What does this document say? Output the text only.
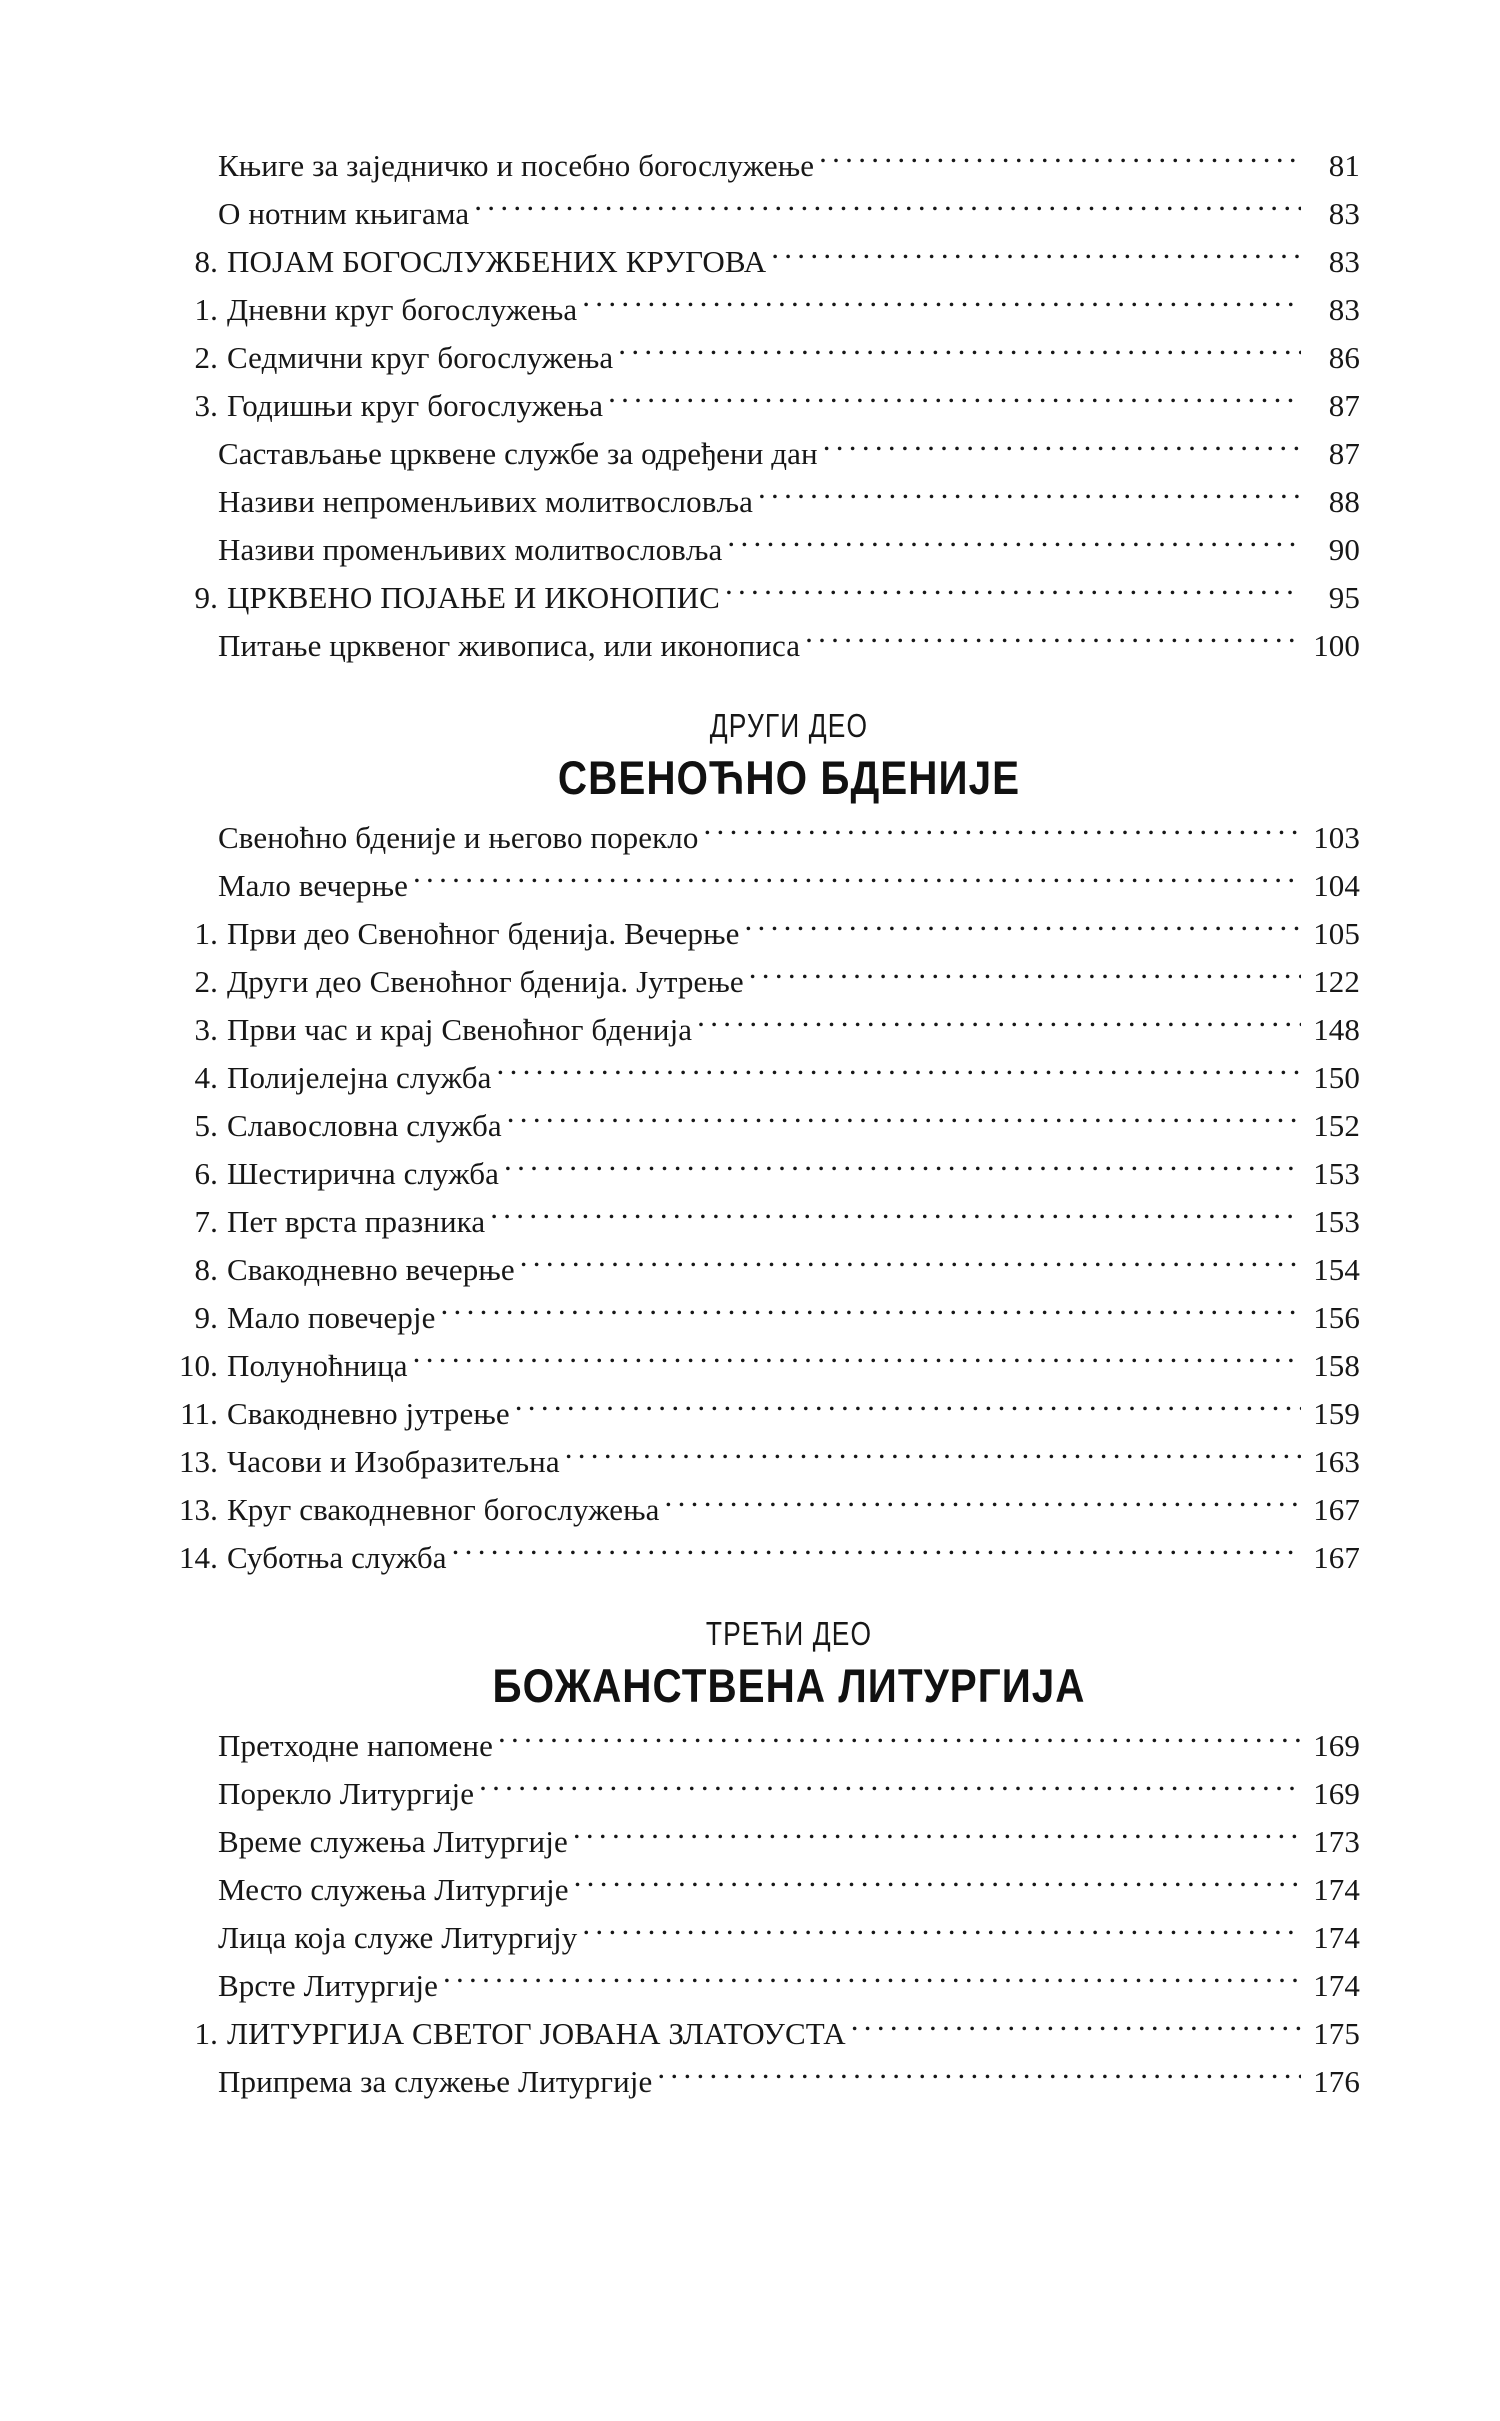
Књиге за заједничко и посебно богослужење .....	81
О нотним књигама .....	83
8. ПОЈАМ БОГОСЛУЖБЕНИХ КРУГОВА .....	83
1. Дневни круг богослужења .....	83
2. Седмични круг богослужења .....	86
3. Годишњи круг богослужења .....	87
Састављање црквене службе за одређени дан .....	87
Називи непроменљивих молитвословља .....	88
Називи променљивих молитвословља .....	90
9. ЦРКВЕНО ПОЈАЊЕ И ИКОНОПИС .....	95
Питање црквеног живописа, или иконописа .....	100
ДРУГИ ДЕО
СВЕНОЋНО БДЕНИЈЕ
Свеноћно бденије и његово порекло .....	103
Мало вечерње .....	104
1. Први део Свеноћног бденија. Вечерње .....	105
2. Други део Свеноћног бденија. Јутрење .....	122
3. Први час и крај Свеноћног бденија .....	148
4. Полијелејна служба .....	150
5. Славословна служба .....	152
6. Шестирична служба .....	153
7. Пет врста празника .....	153
8. Свакодневно вечерње .....	154
9. Мало повечерје .....	156
10. Полуноћница .....	158
11. Свакодневно јутрење .....	159
13. Часови и Изобразитељна .....	163
13. Круг свакодневног богослужења .....	167
14. Суботња служба .....	167
ТРЕЋИ ДЕО
БОЖАНСТВЕНА ЛИТУРГИЈА
Претходне напомене .....	169
Порекло Литургије .....	169
Време служења Литургије .....	173
Место служења Литургије .....	174
Лица која служе Литургију .....	174
Врсте Литургије .....	174
1. ЛИТУРГИЈА СВЕТОГ ЈОВАНА ЗЛАТОУСТА .....	175
Припрема за служење Литургије .....	176
